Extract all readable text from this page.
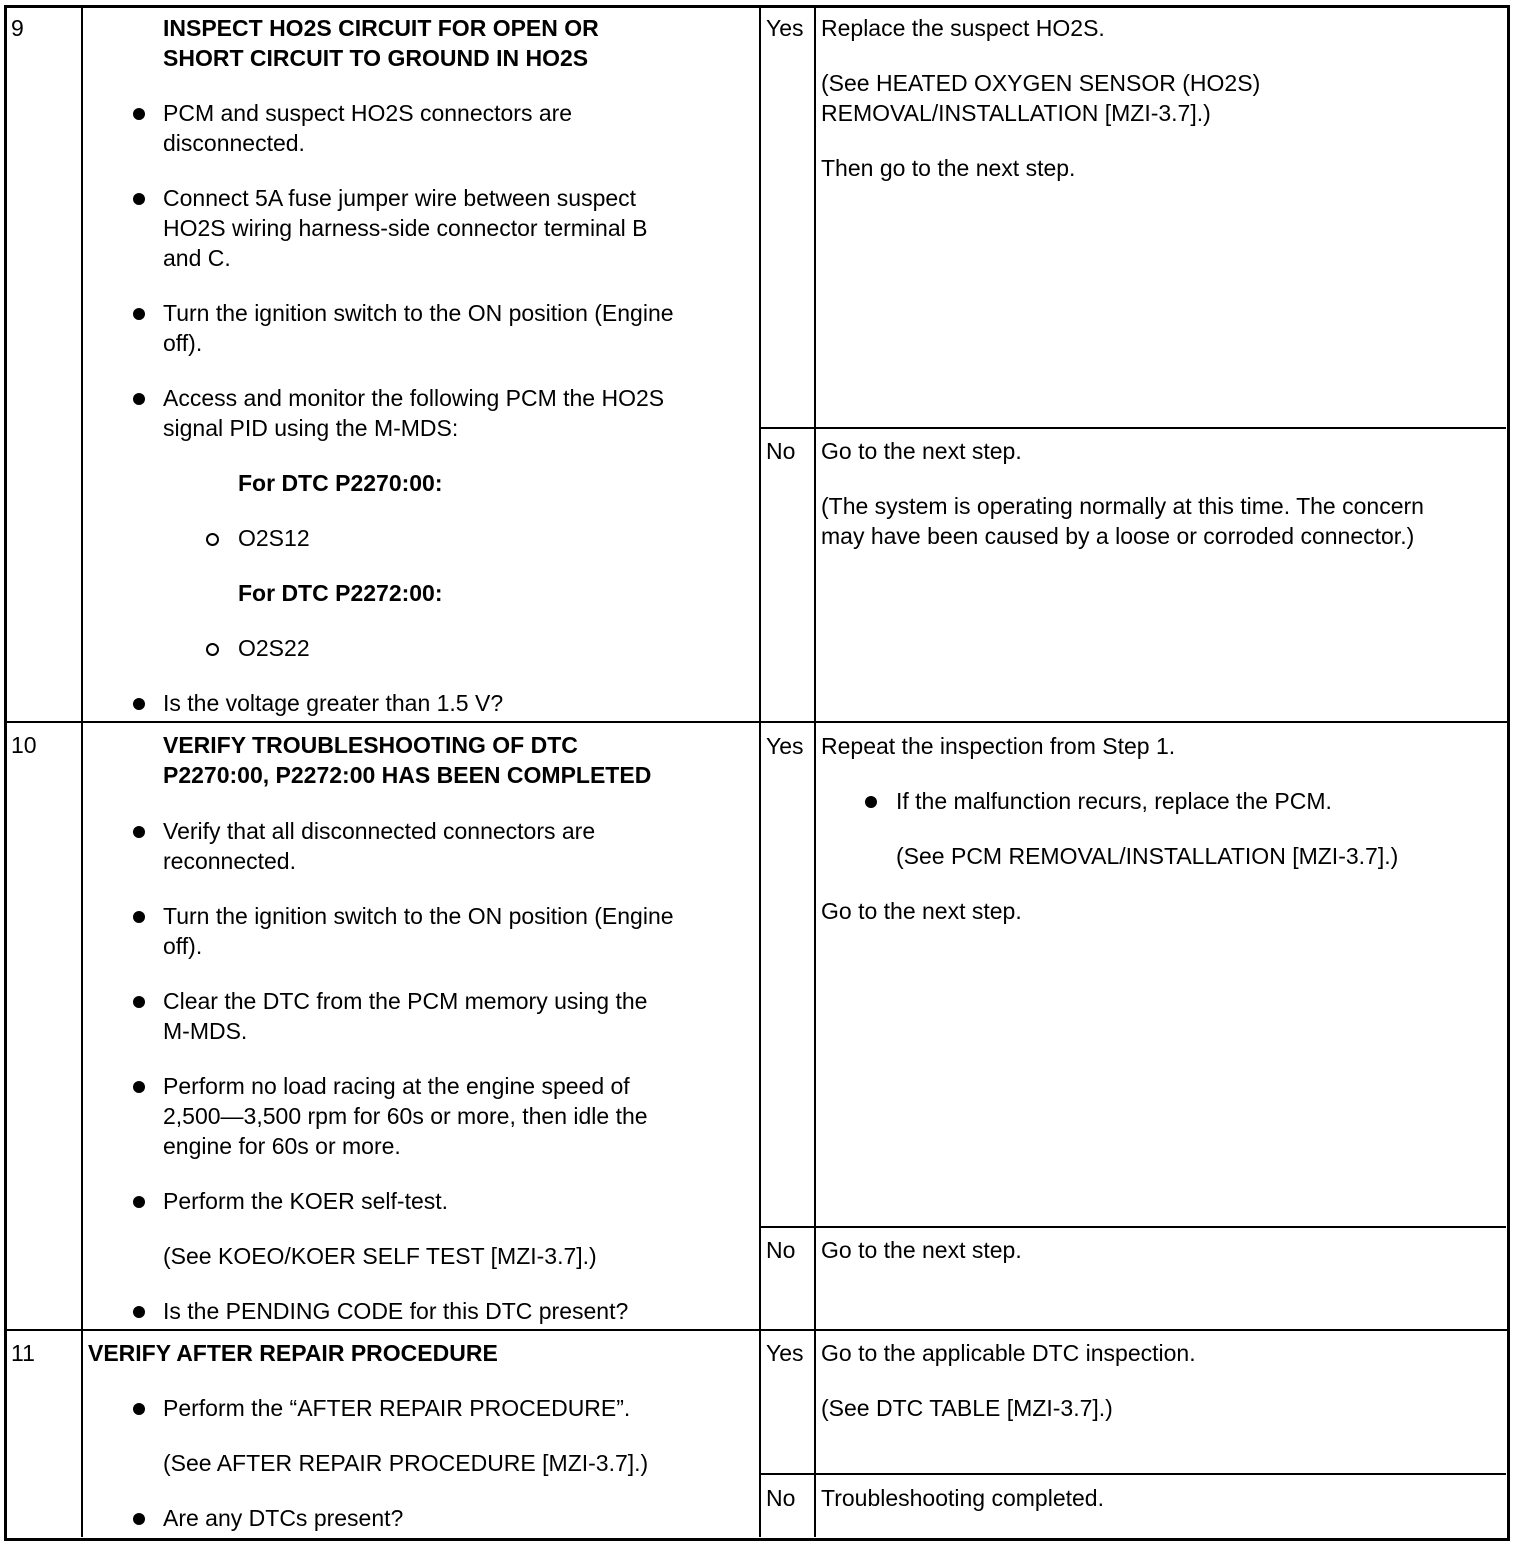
9	INSPECT HO2S CIRCUIT FOR OPEN OR
SHORT CIRCUIT TO GROUND IN HO2S
PCM and suspect HO2S connectors are
disconnected.
Connect 5A fuse jumper wire between suspect
HO2S wiring harness-side connector terminal B
and C.
Turn the ignition switch to the ON position (Engine
off).
Access and monitor the following PCM the HO2S
signal PID using the M-MDS:
For DTC P2270:00:
O2S12
For DTC P2272:00:
O2S22
Is the voltage greater than 1.5 V?
Yes Replace the suspect HO2S.
(See HEATED OXYGEN SENSOR (HO2S)
REMOVAL/INSTALLATION [MZI-3.7].)
Then go to the next step.
No Go to the next step.
(The system is operating normally at this time. The concern
may have been caused by a loose or corroded connector.)
10	VERIFY TROUBLESHOOTING OF DTC
P2270:00, P2272:00 HAS BEEN COMPLETED
Verify that all disconnected connectors are
reconnected.
Turn the ignition switch to the ON position (Engine
off).
Clear the DTC from the PCM memory using the
M-MDS.
Perform no load racing at the engine speed of
2,500—3,500 rpm for 60s or more, then idle the
engine for 60s or more.
Perform the KOER self-test.
(See KOEO/KOER SELF TEST [MZI-3.7].)
Is the PENDING CODE for this DTC present?
Yes Repeat the inspection from Step 1.
If the malfunction recurs, replace the PCM.
(See PCM REMOVAL/INSTALLATION [MZI-3.7].)
Go to the next step.
No Go to the next step.
11 VERIFY AFTER REPAIR PROCEDURE
Perform the “AFTER REPAIR PROCEDURE”.
(See AFTER REPAIR PROCEDURE [MZI-3.7].)
Are any DTCs present?
Yes Go to the applicable DTC inspection.
(See DTC TABLE [MZI-3.7].)
No Troubleshooting completed.
